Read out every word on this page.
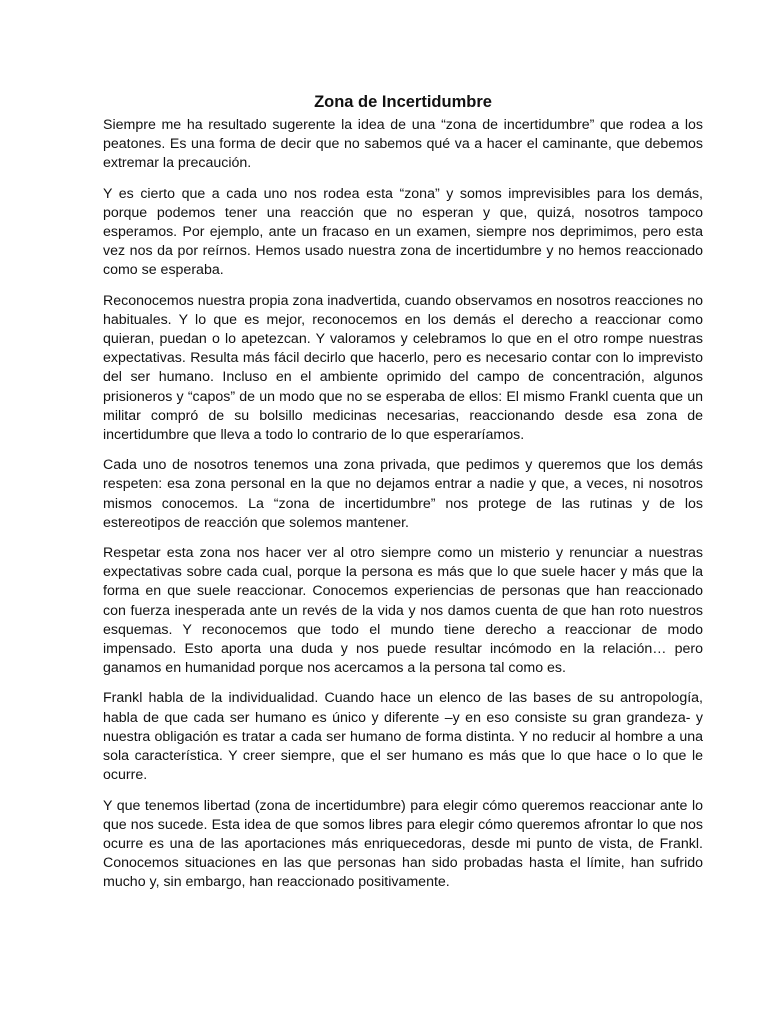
Zona de Incertidumbre

Siempre me ha resultado sugerente la idea de una “zona de incertidumbre” que rodea a los peatones. Es una forma de decir que no sabemos qué va a hacer el caminante, que debemos extremar la precaución.

Y es cierto que a cada uno nos rodea esta “zona” y somos imprevisibles para los demás, porque podemos tener una reacción que no esperan y que, quizá, nosotros tampoco esperamos. Por ejemplo, ante un fracaso en un examen, siempre nos deprimimos, pero esta vez nos da por reírnos. Hemos usado nuestra zona de incertidumbre y no hemos reaccionado como se esperaba.

Reconocemos nuestra propia zona inadvertida, cuando observamos en nosotros reacciones no habituales. Y lo que es mejor, reconocemos en los demás el derecho a reaccionar como quieran, puedan o lo apetezcan. Y valoramos y celebramos lo que en el otro rompe nuestras expectativas. Resulta más fácil decirlo que hacerlo, pero es necesario contar con lo imprevisto del ser humano. Incluso en el ambiente oprimido del campo de concentración, algunos prisioneros y “capos” de un modo que no se esperaba de ellos: El mismo Frankl cuenta que un militar compró de su bolsillo medicinas necesarias, reaccionando desde esa zona de incertidumbre que lleva a todo lo contrario de lo que esperaríamos.

Cada uno de nosotros tenemos una zona privada, que pedimos y queremos que los demás respeten: esa zona personal en la que no dejamos entrar a nadie y que, a veces, ni nosotros mismos conocemos. La “zona de incertidumbre” nos protege de las rutinas y de los estereotipos de reacción que solemos mantener.

Respetar esta zona nos hacer ver al otro siempre como un misterio y renunciar a nuestras expectativas sobre cada cual, porque la persona es más que lo que suele hacer y más que la forma en que suele reaccionar. Conocemos experiencias de personas que han reaccionado con fuerza inesperada ante un revés de la vida y nos damos cuenta de que han roto nuestros esquemas. Y reconocemos que todo el mundo tiene derecho a reaccionar de modo impensado. Esto aporta una duda y nos puede resultar incómodo en la relación… pero ganamos en humanidad porque nos acercamos a la persona tal como es.

Frankl habla de la individualidad. Cuando hace un elenco de las bases de su antropología, habla de que cada ser humano es único y diferente –y en eso consiste su gran grandeza- y nuestra obligación es tratar a cada ser humano de forma distinta. Y no reducir al hombre a una sola característica. Y creer siempre, que el ser humano es más que lo que hace o lo que le ocurre.

Y que tenemos libertad (zona de incertidumbre) para elegir cómo queremos reaccionar ante lo que nos sucede. Esta idea de que somos libres para elegir cómo queremos afrontar lo que nos ocurre es una de las aportaciones más enriquecedoras, desde mi punto de vista, de Frankl. Conocemos situaciones en las que personas han sido probadas hasta el límite, han sufrido mucho y, sin embargo, han reaccionado positivamente.
